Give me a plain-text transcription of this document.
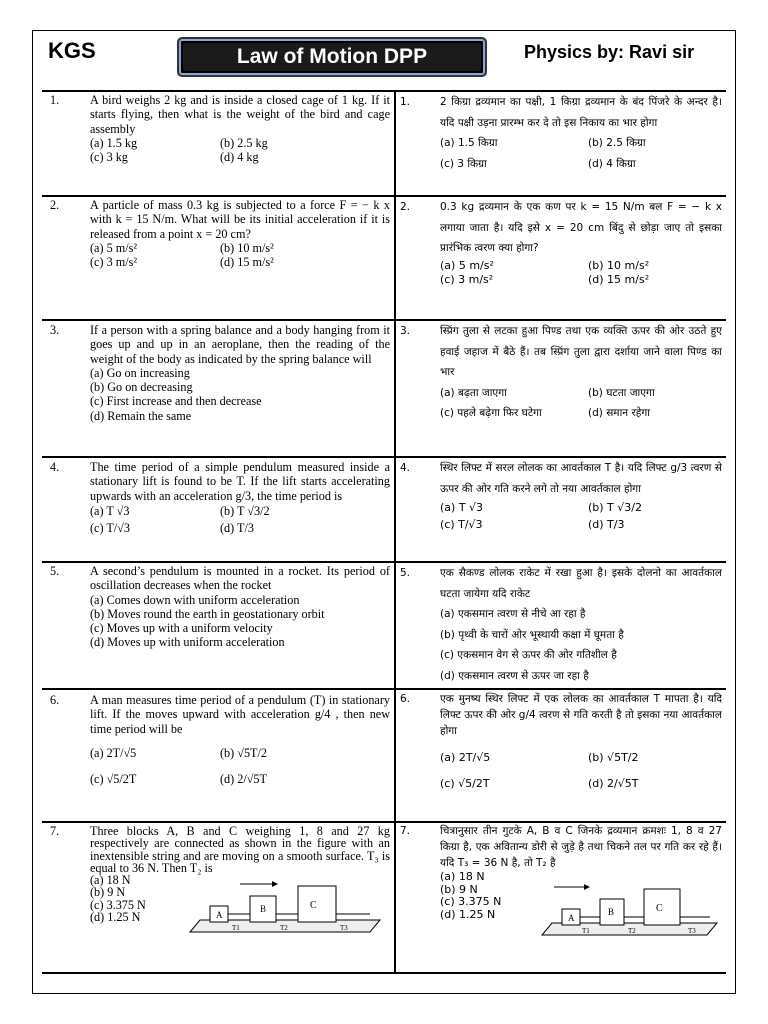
KGS	Law of Motion DPP	Physics by: Ravi sir
1.	A bird weighs 2 kg and is inside a closed cage of 1 kg. If it starts flying, then what is the weight of the bird and cage assembly
(a) 1.5 kg	(b) 2.5 kg
(c) 3 kg	(d) 4 kg
1.	2 किग्रा द्रव्यमान का पक्षी, 1 किग्रा द्रव्यमान के बंद पिंजरे के अन्दर है। यदि पक्षी उड़ना प्रारम्भ कर दे तो इस निकाय का भार होगा
(a) 1.5 किग्रा	(b) 2.5 किग्रा
(c) 3 किग्रा	(d) 4 किग्रा
2.	A particle of mass 0.3 kg is subjected to a force F = − k x with k = 15 N/m. What will be its initial acceleration if it is released from a point x = 20 cm?
(a) 5 m/s²	(b) 10 m/s²
(c) 3 m/s²	(d) 15 m/s²
2.	0.3 kg द्रव्यमान के एक कण पर k = 15 N/m बल F = − k x लगाया जाता है। यदि इसे x = 20 cm बिंदु से छोड़ा जाए तो इसका प्रारंभिक त्वरण क्या होगा?
(a) 5 m/s²	(b) 10 m/s²
(c) 3 m/s²	(d) 15 m/s²
3.	If a person with a spring balance and a body hanging from it goes up and up in an aeroplane, then the reading of the weight of the body as indicated by the spring balance will
(a) Go on increasing
(b) Go on decreasing
(c) First increase and then decrease
(d) Remain the same
3.	स्प्रिंग तुला से लटका हुआ पिण्ड तथा एक व्यक्ति ऊपर की ओर उठते हुए हवाई जहाज में बैठे हैं। तब स्प्रिंग तुला द्वारा दर्शाया जाने वाला पिण्ड का भार
(a) बढ़ता जाएगा	(b) घटता जाएगा
(c) पहले बढ़ेगा फिर घटेगा	(d) समान रहेगा
4.	The time period of a simple pendulum measured inside a stationary lift is found to be T. If the lift starts accelerating upwards with an acceleration g/3, the time period is
(a) T √3	(b) T √3/2
(c) T/√3	(d) T/3
4.	स्थिर लिफ्ट में सरल लोलक का आवर्तकाल T है। यदि लिफ्ट g/3 त्वरण से ऊपर की ओर गति करने लगे तो नया आवर्तकाल होगा
(a) T √3	(b) T √3/2
(c) T/√3	(d) T/3
5.	A second’s pendulum is mounted in a rocket. Its period of oscillation decreases when the rocket
(a) Comes down with uniform acceleration
(b) Moves round the earth in geostationary orbit
(c) Moves up with a uniform velocity
(d) Moves up with uniform acceleration
5.	एक सैकण्ड लोलक राकेट में रखा हुआ है। इसके दोलनो का आवर्तकाल घटता जायेगा यदि राकेट
(a) एकसमान त्वरण से नीचे आ रहा है
(b) पृथ्वी के चारों ओर भूस्थायी कक्षा में घूमता है
(c) एकसमान वेग से ऊपर की ओर गतिशील है
(d) एकसमान त्वरण से ऊपर जा रहा है
6.	A man measures time period of a pendulum (T) in stationary lift. If the moves upward with acceleration g/4 , then new time period will be
(a) 2T/√5	(b) √5T/2
(c) √5/2T	(d) 2/√5T
6.	एक मुनष्य स्थिर लिफ्ट में एक लोलक का आवर्तकाल T मापता है। यदि लिफ्ट ऊपर की ओर g/4 त्वरण से गति करती है तो इसका नया आवर्तकाल होगा
(a) 2T/√5	(b) √5T/2
(c) √5/2T	(d) 2/√5T
7.	Three blocks A, B and C weighing 1, 8 and 27 kg respectively are connected as shown in the figure with an inextensible string and are moving on a smooth surface. T₃ is equal to 36 N. Then T₂ is
(a) 18 N
(b) 9 N
(c) 3.375 N
(d) 1.25 N
7.	चित्रानुसार तीन गुटके A, B व C जिनके द्रव्यमान क्रमशः 1, 8 व 27 किग्रा है, एक अवितान्य डोरी से जुड़े है तथा चिकने तल पर गति कर रहे हैं। यदि T₃ = 36 N है, तो T₂ है
(a) 18 N
(b) 9 N
(c) 3.375 N
(d) 1.25 N
A
B	C
T1	T2	T3
A
B	C
T1	T2	T3
